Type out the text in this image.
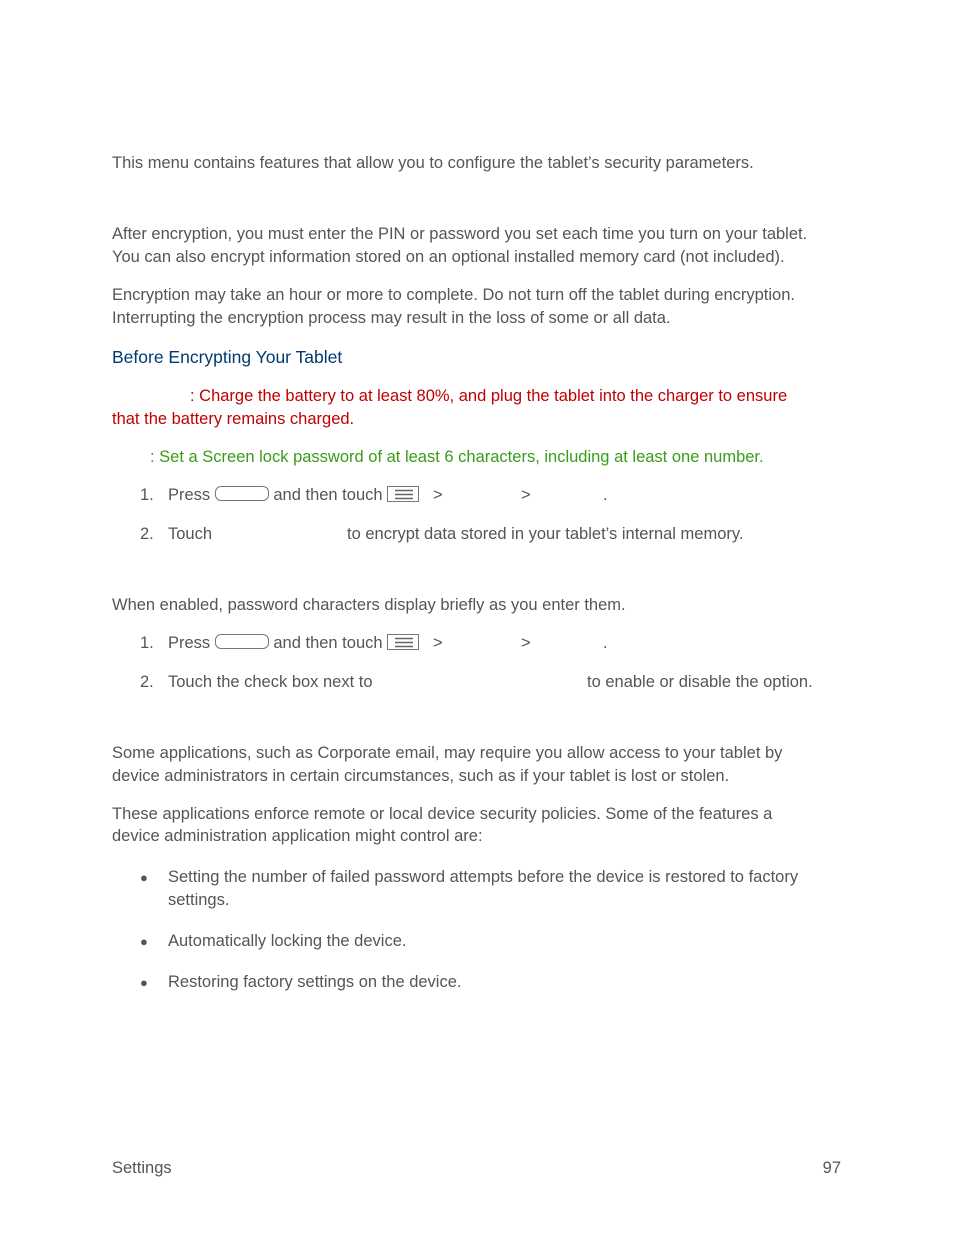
This menu contains features that allow you to configure the tablet’s security parameters.
After encryption, you must enter the PIN or password you set each time you turn on your tablet.
You can also encrypt information stored on an optional installed memory card (not included).
Encryption may take an hour or more to complete. Do not turn off the tablet during encryption.
Interrupting the encryption process may result in the loss of some or all data.
Before Encrypting Your Tablet
: Charge the battery to at least 80%, and plug the tablet into the charger to ensure
that the battery remains charged.
: Set a Screen lock password of at least 6 characters, including at least one number.
1. Press	and then touch	>	>	.
2. Touch	to encrypt data stored in your tablet’s internal memory.
When enabled, password characters display briefly as you enter them.
1. Press	and then touch	>	>	.
2. Touch the check box next to	to enable or disable the option.
Some applications, such as Corporate email, may require you allow access to your tablet by
device administrators in certain circumstances, such as if your tablet is lost or stolen.
These applications enforce remote or local device security policies. Some of the features a
device administration application might control are:
● Setting the number of failed password attempts before the device is restored to factory
settings.
● Automatically locking the device.
● Restoring factory settings on the device.
Settings	97
